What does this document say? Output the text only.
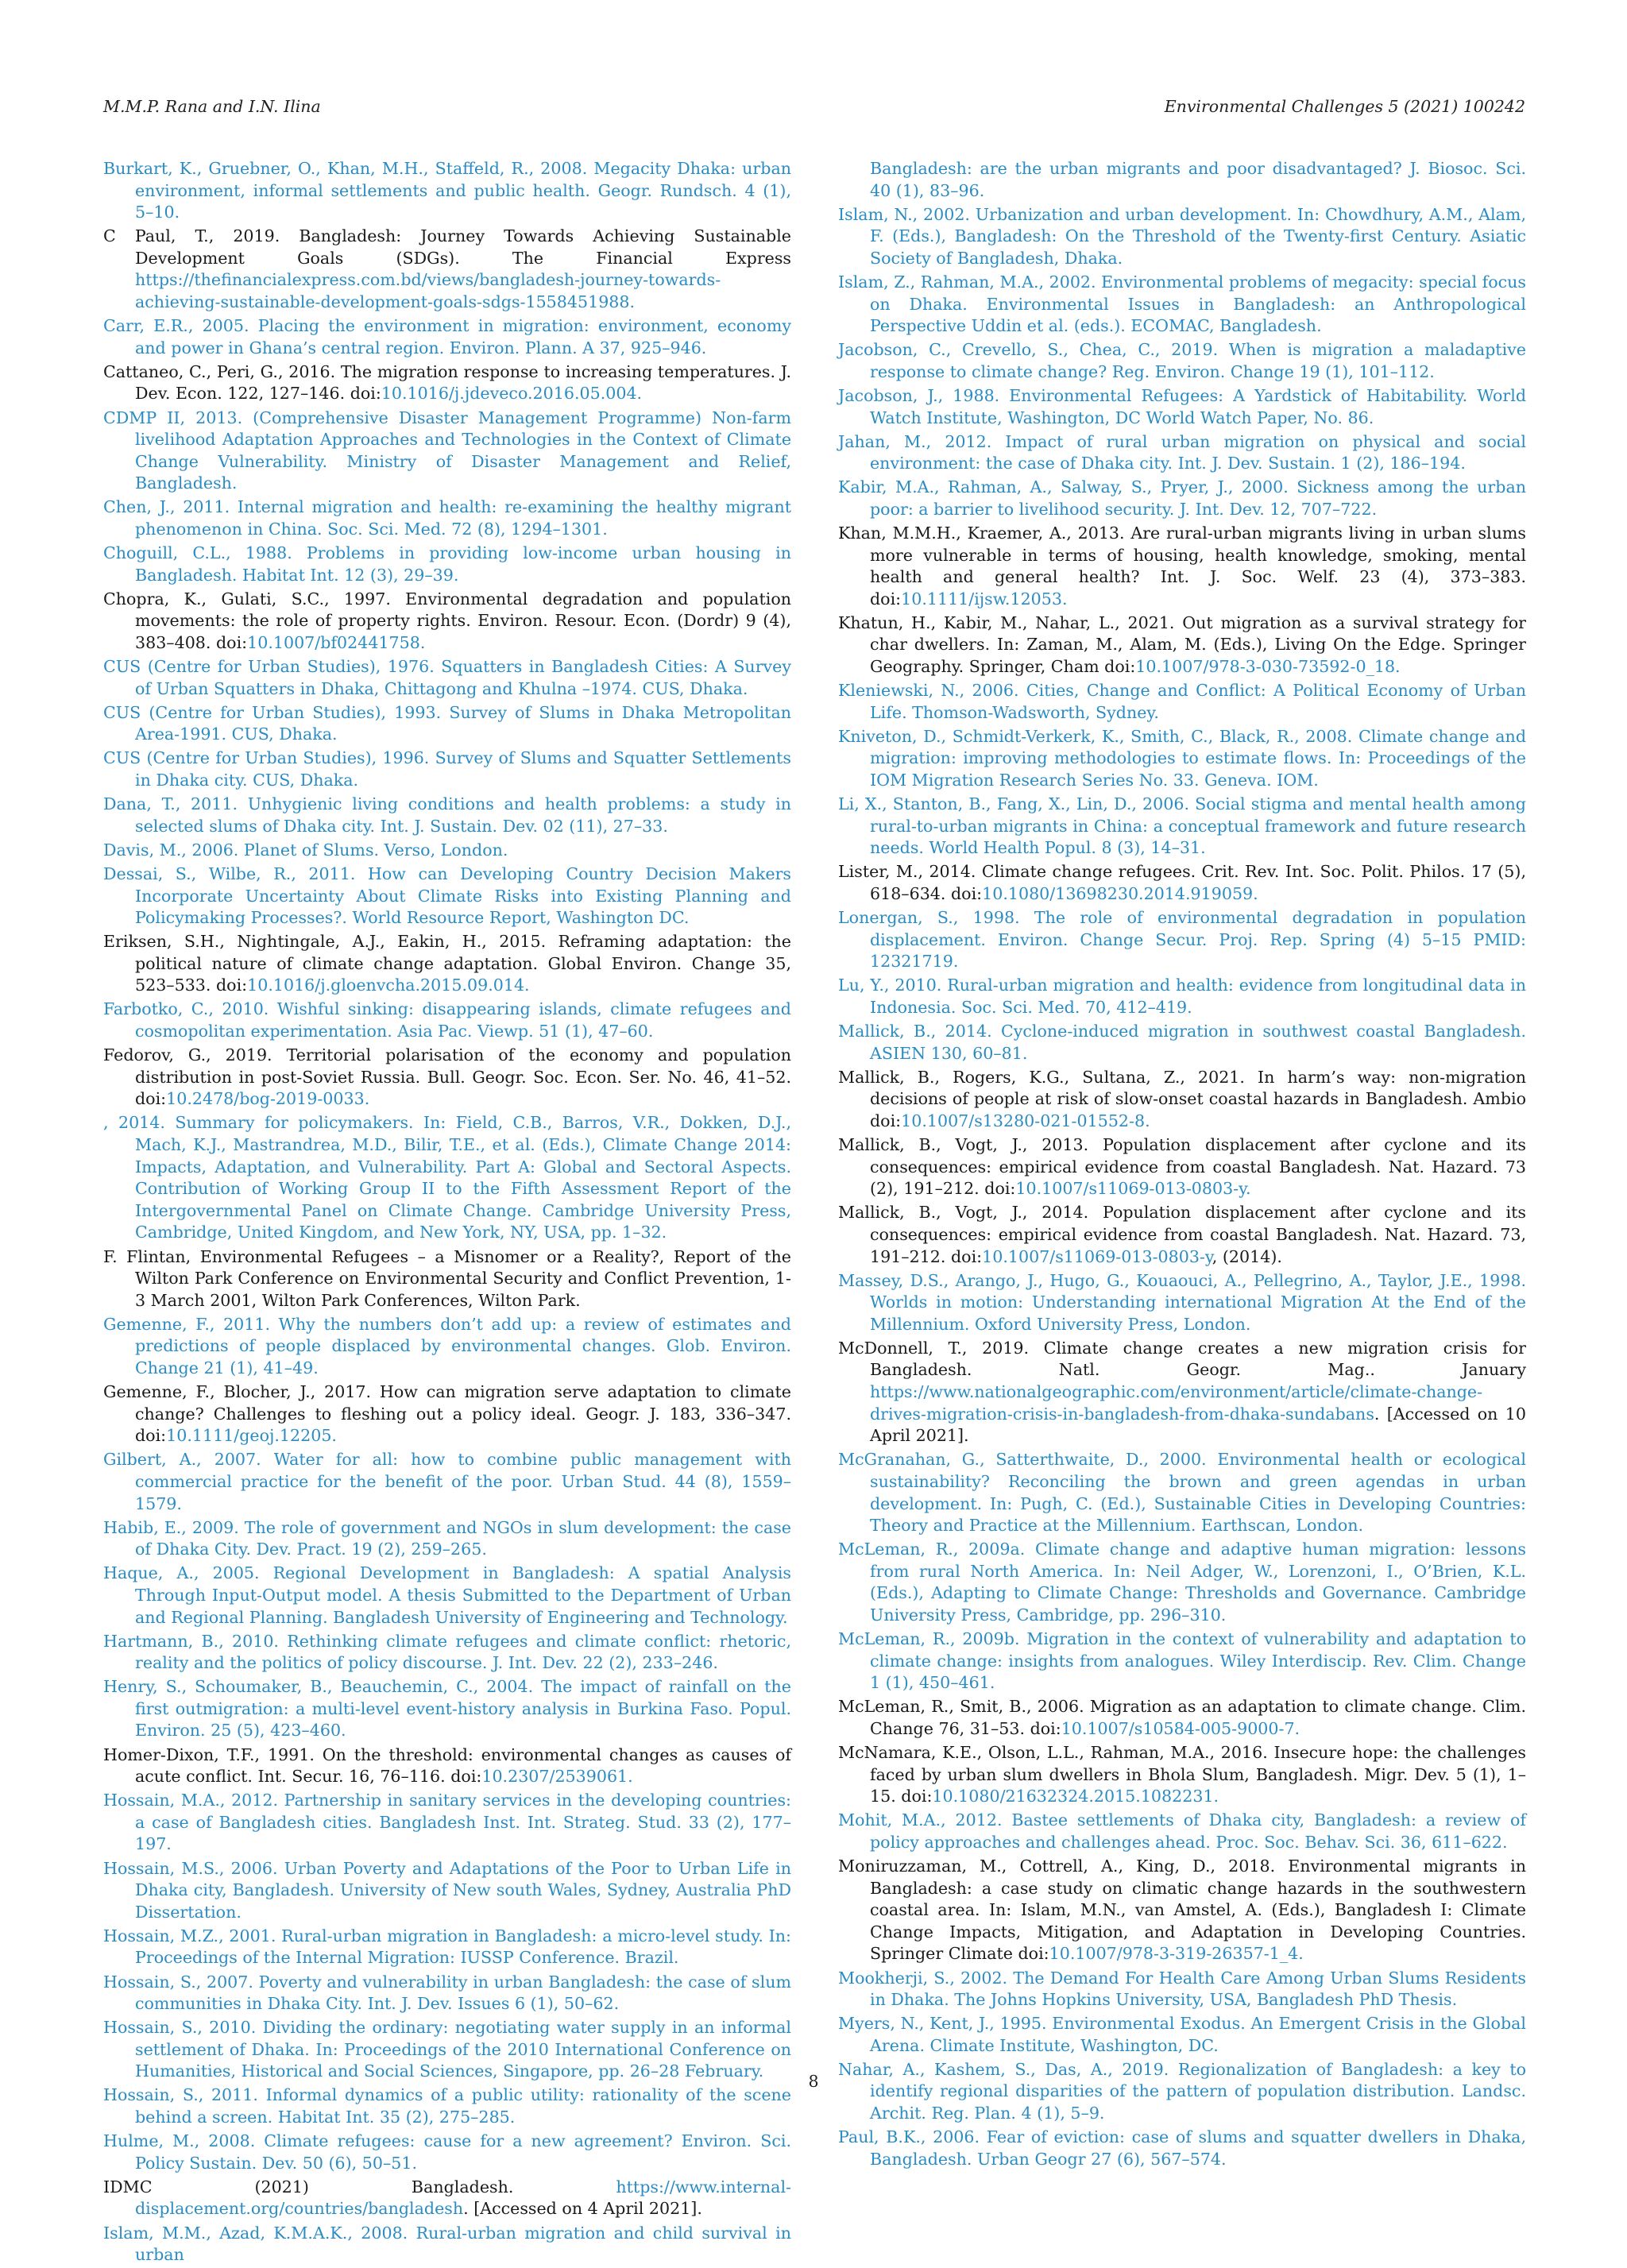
M.M.P. Rana and I.N. Ilina	Environmental Challenges 5 (2021) 100242

Burkart, K., Gruebner, O., Khan, M.H., Staffeld, R., 2008. Megacity Dhaka: urban environment, informal settlements and public health. Geogr. Rundsch. 4 (1), 5–10.

C Paul, T., 2019. Bangladesh: Journey Towards Achieving Sustainable Development Goals (SDGs). The Financial Express https://thefinancialexpress.com.bd/views/bangladesh-journey-towards-achieving-sustainable-development-goals-sdgs-1558451988.

Carr, E.R., 2005. Placing the environment in migration: environment, economy and power in Ghana’s central region. Environ. Plann. A 37, 925–946.

Cattaneo, C., Peri, G., 2016. The migration response to increasing temperatures. J. Dev. Econ. 122, 127–146. doi:10.1016/j.jdeveco.2016.05.004.

CDMP II, 2013. (Comprehensive Disaster Management Programme) Non-farm livelihood Adaptation Approaches and Technologies in the Context of Climate Change Vulnerability. Ministry of Disaster Management and Relief, Bangladesh.

Chen, J., 2011. Internal migration and health: re-examining the healthy migrant phenomenon in China. Soc. Sci. Med. 72 (8), 1294–1301.

Choguill, C.L., 1988. Problems in providing low-income urban housing in Bangladesh. Habitat Int. 12 (3), 29–39.

Chopra, K., Gulati, S.C., 1997. Environmental degradation and population movements: the role of property rights. Environ. Resour. Econ. (Dordr) 9 (4), 383–408. doi:10.1007/bf02441758.

CUS (Centre for Urban Studies), 1976. Squatters in Bangladesh Cities: A Survey of Urban Squatters in Dhaka, Chittagong and Khulna –1974. CUS, Dhaka.

CUS (Centre for Urban Studies), 1993. Survey of Slums in Dhaka Metropolitan Area-1991. CUS, Dhaka.

CUS (Centre for Urban Studies), 1996. Survey of Slums and Squatter Settlements in Dhaka city. CUS, Dhaka.

Dana, T., 2011. Unhygienic living conditions and health problems: a study in selected slums of Dhaka city. Int. J. Sustain. Dev. 02 (11), 27–33.

Davis, M., 2006. Planet of Slums. Verso, London.

Dessai, S., Wilbe, R., 2011. How can Developing Country Decision Makers Incorporate Uncertainty About Climate Risks into Existing Planning and Policymaking Processes?. World Resource Report, Washington DC.

Eriksen, S.H., Nightingale, A.J., Eakin, H., 2015. Reframing adaptation: the political nature of climate change adaptation. Global Environ. Change 35, 523–533. doi:10.1016/j.gloenvcha.2015.09.014.

Farbotko, C., 2010. Wishful sinking: disappearing islands, climate refugees and cosmopolitan experimentation. Asia Pac. Viewp. 51 (1), 47–60.

Fedorov, G., 2019. Territorial polarisation of the economy and population distribution in post-Soviet Russia. Bull. Geogr. Soc. Econ. Ser. No. 46, 41–52. doi:10.2478/bog-2019-0033.

, 2014. Summary for policymakers. In: Field, C.B., Barros, V.R., Dokken, D.J., Mach, K.J., Mastrandrea, M.D., Bilir, T.E., et al. (Eds.), Climate Change 2014: Impacts, Adaptation, and Vulnerability. Part A: Global and Sectoral Aspects. Contribution of Working Group II to the Fifth Assessment Report of the Intergovernmental Panel on Climate Change. Cambridge University Press, Cambridge, United Kingdom, and New York, NY, USA, pp. 1–32.

F. Flintan, Environmental Refugees – a Misnomer or a Reality?, Report of the Wilton Park Conference on Environmental Security and Conflict Prevention, 1-3 March 2001, Wilton Park Conferences, Wilton Park.

Gemenne, F., 2011. Why the numbers don’t add up: a review of estimates and predictions of people displaced by environmental changes. Glob. Environ. Change 21 (1), 41–49.

Gemenne, F., Blocher, J., 2017. How can migration serve adaptation to climate change? Challenges to fleshing out a policy ideal. Geogr. J. 183, 336–347. doi:10.1111/geoj.12205.

Gilbert, A., 2007. Water for all: how to combine public management with commercial practice for the benefit of the poor. Urban Stud. 44 (8), 1559–1579.

Habib, E., 2009. The role of government and NGOs in slum development: the case of Dhaka City. Dev. Pract. 19 (2), 259–265.

Haque, A., 2005. Regional Development in Bangladesh: A spatial Analysis Through Input-Output model. A thesis Submitted to the Department of Urban and Regional Planning. Bangladesh University of Engineering and Technology.

Hartmann, B., 2010. Rethinking climate refugees and climate conflict: rhetoric, reality and the politics of policy discourse. J. Int. Dev. 22 (2), 233–246.

Henry, S., Schoumaker, B., Beauchemin, C., 2004. The impact of rainfall on the first outmigration: a multi-level event-history analysis in Burkina Faso. Popul. Environ. 25 (5), 423–460.

Homer-Dixon, T.F., 1991. On the threshold: environmental changes as causes of acute conflict. Int. Secur. 16, 76–116. doi:10.2307/2539061.

Hossain, M.A., 2012. Partnership in sanitary services in the developing countries: a case of Bangladesh cities. Bangladesh Inst. Int. Strateg. Stud. 33 (2), 177–197.

Hossain, M.S., 2006. Urban Poverty and Adaptations of the Poor to Urban Life in Dhaka city, Bangladesh. University of New south Wales, Sydney, Australia PhD Dissertation.

Hossain, M.Z., 2001. Rural-urban migration in Bangladesh: a micro-level study. In: Proceedings of the Internal Migration: IUSSP Conference. Brazil.

Hossain, S., 2007. Poverty and vulnerability in urban Bangladesh: the case of slum communities in Dhaka City. Int. J. Dev. Issues 6 (1), 50–62.

Hossain, S., 2010. Dividing the ordinary: negotiating water supply in an informal settlement of Dhaka. In: Proceedings of the 2010 International Conference on Humanities, Historical and Social Sciences, Singapore, pp. 26–28 February.

Hossain, S., 2011. Informal dynamics of a public utility: rationality of the scene behind a screen. Habitat Int. 35 (2), 275–285.

Hulme, M., 2008. Climate refugees: cause for a new agreement? Environ. Sci. Policy Sustain. Dev. 50 (6), 50–51.

IDMC (2021) Bangladesh. https://www.internal-displacement.org/countries/bangladesh. [Accessed on 4 April 2021].

Islam, M.M., Azad, K.M.A.K., 2008. Rural-urban migration and child survival in urban

Bangladesh: are the urban migrants and poor disadvantaged? J. Biosoc. Sci. 40 (1), 83–96.

Islam, N., 2002. Urbanization and urban development. In: Chowdhury, A.M., Alam, F. (Eds.), Bangladesh: On the Threshold of the Twenty-first Century. Asiatic Society of Bangladesh, Dhaka.

Islam, Z., Rahman, M.A., 2002. Environmental problems of megacity: special focus on Dhaka. Environmental Issues in Bangladesh: an Anthropological Perspective Uddin et al. (eds.). ECOMAC, Bangladesh.

Jacobson, C., Crevello, S., Chea, C., 2019. When is migration a maladaptive response to climate change? Reg. Environ. Change 19 (1), 101–112.

Jacobson, J., 1988. Environmental Refugees: A Yardstick of Habitability. World Watch Institute, Washington, DC World Watch Paper, No. 86.

Jahan, M., 2012. Impact of rural urban migration on physical and social environment: the case of Dhaka city. Int. J. Dev. Sustain. 1 (2), 186–194.

Kabir, M.A., Rahman, A., Salway, S., Pryer, J., 2000. Sickness among the urban poor: a barrier to livelihood security. J. Int. Dev. 12, 707–722.

Khan, M.M.H., Kraemer, A., 2013. Are rural-urban migrants living in urban slums more vulnerable in terms of housing, health knowledge, smoking, mental health and general health? Int. J. Soc. Welf. 23 (4), 373–383. doi:10.1111/ijsw.12053.

Khatun, H., Kabir, M., Nahar, L., 2021. Out migration as a survival strategy for char dwellers. In: Zaman, M., Alam, M. (Eds.), Living On the Edge. Springer Geography. Springer, Cham doi:10.1007/978-3-030-73592-0_18.

Kleniewski, N., 2006. Cities, Change and Conflict: A Political Economy of Urban Life. Thomson-Wadsworth, Sydney.

Kniveton, D., Schmidt-Verkerk, K., Smith, C., Black, R., 2008. Climate change and migration: improving methodologies to estimate flows. In: Proceedings of the IOM Migration Research Series No. 33. Geneva. IOM.

Li, X., Stanton, B., Fang, X., Lin, D., 2006. Social stigma and mental health among rural-to-urban migrants in China: a conceptual framework and future research needs. World Health Popul. 8 (3), 14–31.

Lister, M., 2014. Climate change refugees. Crit. Rev. Int. Soc. Polit. Philos. 17 (5), 618–634. doi:10.1080/13698230.2014.919059.

Lonergan, S., 1998. The role of environmental degradation in population displacement. Environ. Change Secur. Proj. Rep. Spring (4) 5–15 PMID: 12321719.

Lu, Y., 2010. Rural-urban migration and health: evidence from longitudinal data in Indonesia. Soc. Sci. Med. 70, 412–419.

Mallick, B., 2014. Cyclone-induced migration in southwest coastal Bangladesh. ASIEN 130, 60–81.

Mallick, B., Rogers, K.G., Sultana, Z., 2021. In harm’s way: non-migration decisions of people at risk of slow-onset coastal hazards in Bangladesh. Ambio doi:10.1007/s13280-021-01552-8.

Mallick, B., Vogt, J., 2013. Population displacement after cyclone and its consequences: empirical evidence from coastal Bangladesh. Nat. Hazard. 73 (2), 191–212. doi:10.1007/s11069-013-0803-y.

Mallick, B., Vogt, J., 2014. Population displacement after cyclone and its consequences: empirical evidence from coastal Bangladesh. Nat. Hazard. 73, 191–212. doi:10.1007/s11069-013-0803-y, (2014).

Massey, D.S., Arango, J., Hugo, G., Kouaouci, A., Pellegrino, A., Taylor, J.E., 1998. Worlds in motion: Understanding international Migration At the End of the Millennium. Oxford University Press, London.

McDonnell, T., 2019. Climate change creates a new migration crisis for Bangladesh. Natl. Geogr. Mag.. January https://www.nationalgeographic.com/environment/article/climate-change-drives-migration-crisis-in-bangladesh-from-dhaka-sundabans. [Accessed on 10 April 2021].

McGranahan, G., Satterthwaite, D., 2000. Environmental health or ecological sustainability? Reconciling the brown and green agendas in urban development. In: Pugh, C. (Ed.), Sustainable Cities in Developing Countries: Theory and Practice at the Millennium. Earthscan, London.

McLeman, R., 2009a. Climate change and adaptive human migration: lessons from rural North America. In: Neil Adger, W., Lorenzoni, I., O’Brien, K.L. (Eds.), Adapting to Climate Change: Thresholds and Governance. Cambridge University Press, Cambridge, pp. 296–310.

McLeman, R., 2009b. Migration in the context of vulnerability and adaptation to climate change: insights from analogues. Wiley Interdiscip. Rev. Clim. Change 1 (1), 450–461.

McLeman, R., Smit, B., 2006. Migration as an adaptation to climate change. Clim. Change 76, 31–53. doi:10.1007/s10584-005-9000-7.

McNamara, K.E., Olson, L.L., Rahman, M.A., 2016. Insecure hope: the challenges faced by urban slum dwellers in Bhola Slum, Bangladesh. Migr. Dev. 5 (1), 1–15. doi:10.1080/21632324.2015.1082231.

Mohit, M.A., 2012. Bastee settlements of Dhaka city, Bangladesh: a review of policy approaches and challenges ahead. Proc. Soc. Behav. Sci. 36, 611–622.

Moniruzzaman, M., Cottrell, A., King, D., 2018. Environmental migrants in Bangladesh: a case study on climatic change hazards in the southwestern coastal area. In: Islam, M.N., van Amstel, A. (Eds.), Bangladesh I: Climate Change Impacts, Mitigation, and Adaptation in Developing Countries. Springer Climate doi:10.1007/978-3-319-26357-1_4.

Mookherji, S., 2002. The Demand For Health Care Among Urban Slums Residents in Dhaka. The Johns Hopkins University, USA, Bangladesh PhD Thesis.

Myers, N., Kent, J., 1995. Environmental Exodus. An Emergent Crisis in the Global Arena. Climate Institute, Washington, DC.

Nahar, A., Kashem, S., Das, A., 2019. Regionalization of Bangladesh: a key to identify regional disparities of the pattern of population distribution. Landsc. Archit. Reg. Plan. 4 (1), 5–9.

Paul, B.K., 2006. Fear of eviction: case of slums and squatter dwellers in Dhaka, Bangladesh. Urban Geogr 27 (6), 567–574.

8
